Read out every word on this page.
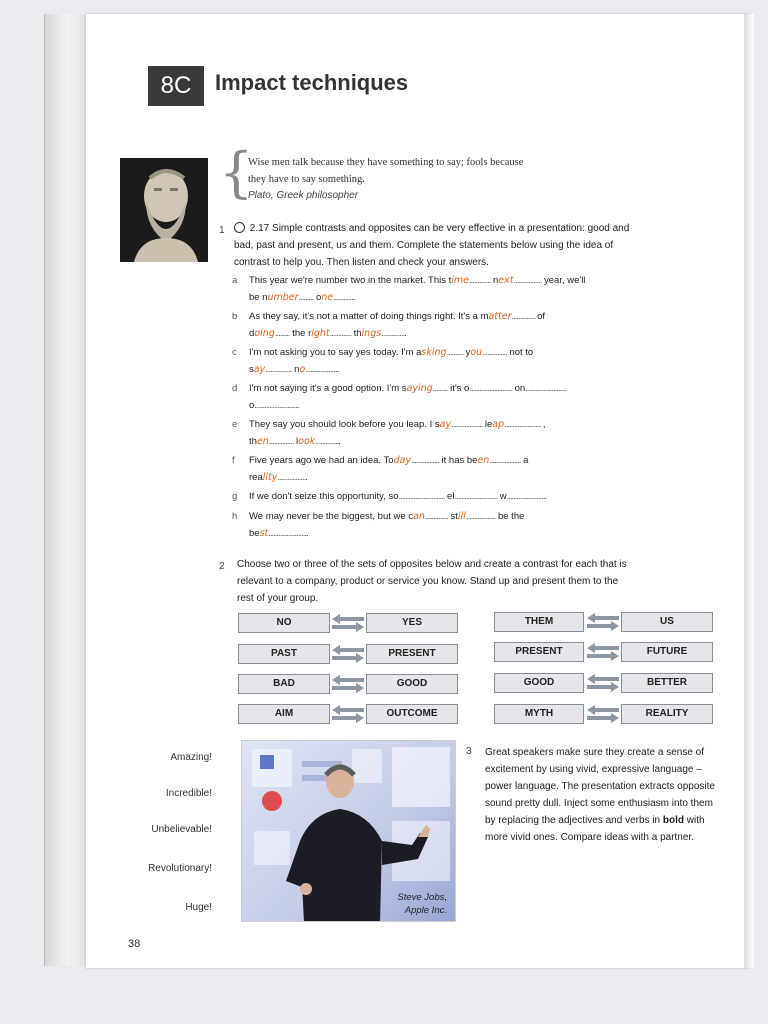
8C	Impact techniques
{
Wise men talk because they have something to say; fools because
they have to say something.
Plato, Greek philosopher
1	2.17 Simple contrasts and opposites can be very effective in a presentation: good and
bad, past and present, us and them. Complete the statements below using the idea of
contrast to help you. Then listen and check your answers.
a This year we're number two in the market. This time............. next................. year, we'll
be number......... one.............
b As they say, it's not a matter of doing things right. It's a matter.............. of
doing......... the right............. things...............
c I'm not asking you to say yes today. I'm asking.......... you............... not to
say................ no....................
d I'm not saying it's a good option. I'm saying......... it's o.......................... on.........................
o...........................
e They say you should look before you leap. I say................... leap...................... ,
then............... look...............
f Five years ago we had an idea. Today................. it has been................... a
reality..................
g If we don't seize this opportunity, so............................ el.......................... w........................
h We may never be the biggest, but we can.............. still.................. be the
best........................
2 Choose two or three of the sets of opposites below and create a contrast for each that is
relevant to a company, product or service you know. Stand up and present them to the
rest of your group.
NO	YES
PAST	PRESENT
BAD	GOOD
AIM	OUTCOME
THEM	US
PRESENT	FUTURE
GOOD	BETTER
MYTH	REALITY
Amazing!
Incredible!
Unbelievable!
Revolutionary!
Huge!
Steve Jobs,
Apple Inc.
3 Great speakers make sure they create a sense of excitement by using vivid, expressive language – power language. The presentation extracts opposite sound pretty dull. Inject some enthusiasm into them by replacing the adjectives and verbs in bold with more vivid ones. Compare ideas with a partner.
38
